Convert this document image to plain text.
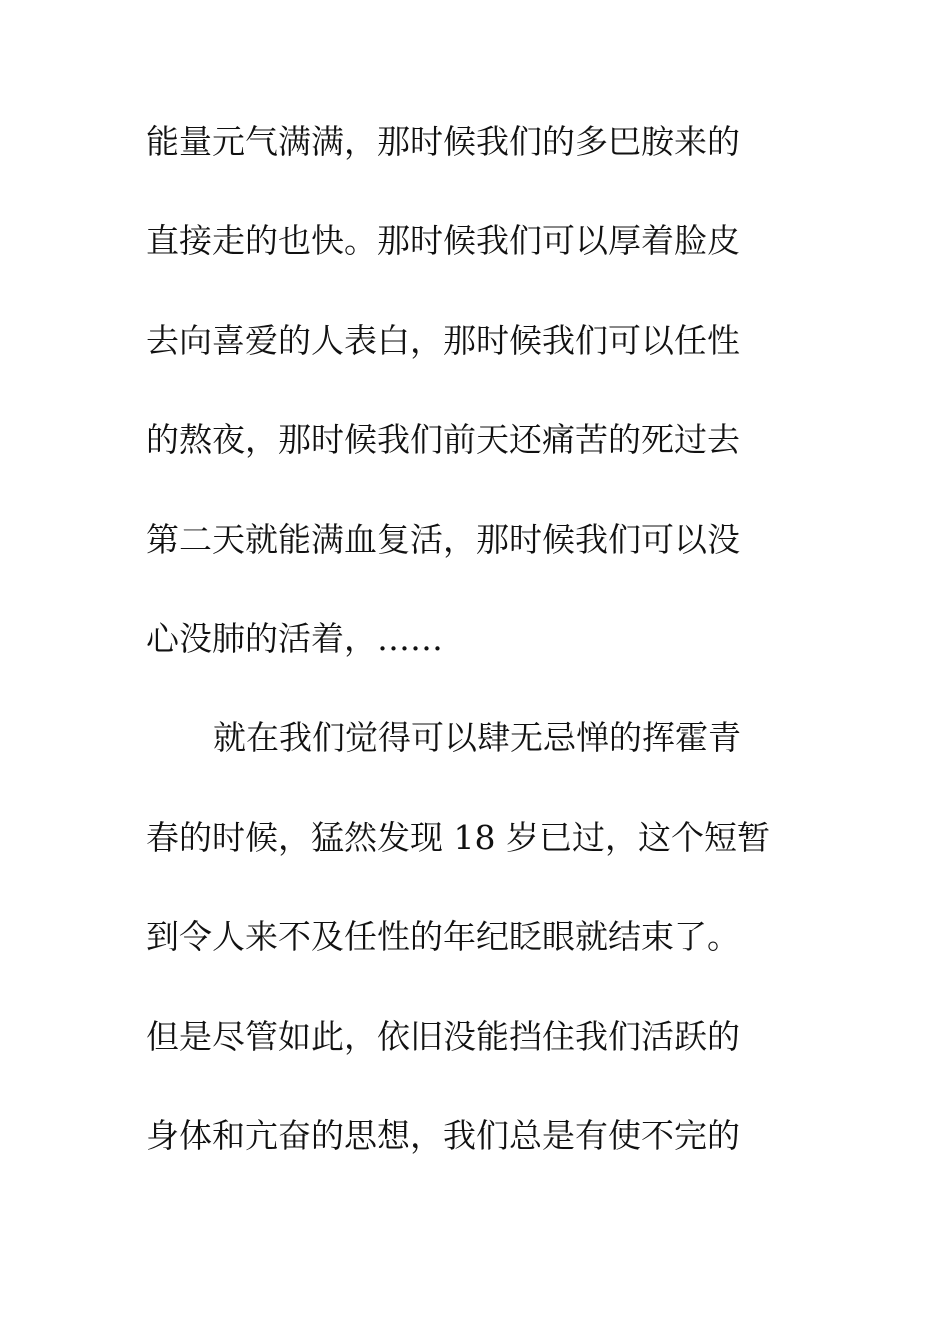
能量元气满满，那时候我们的多巴胺来的
直接走的也快。那时候我们可以厚着脸皮
去向喜爱的人表白，那时候我们可以任性
的熬夜，那时候我们前天还痛苦的死过去
第二天就能满血复活，那时候我们可以没
心没肺的活着，……
就在我们觉得可以肆无忌惮的挥霍青
春的时候，猛然发现 18 岁已过，这个短暂
到令人来不及任性的年纪眨眼就结束了。
但是尽管如此，依旧没能挡住我们活跃的
身体和亢奋的思想，我们总是有使不完的
